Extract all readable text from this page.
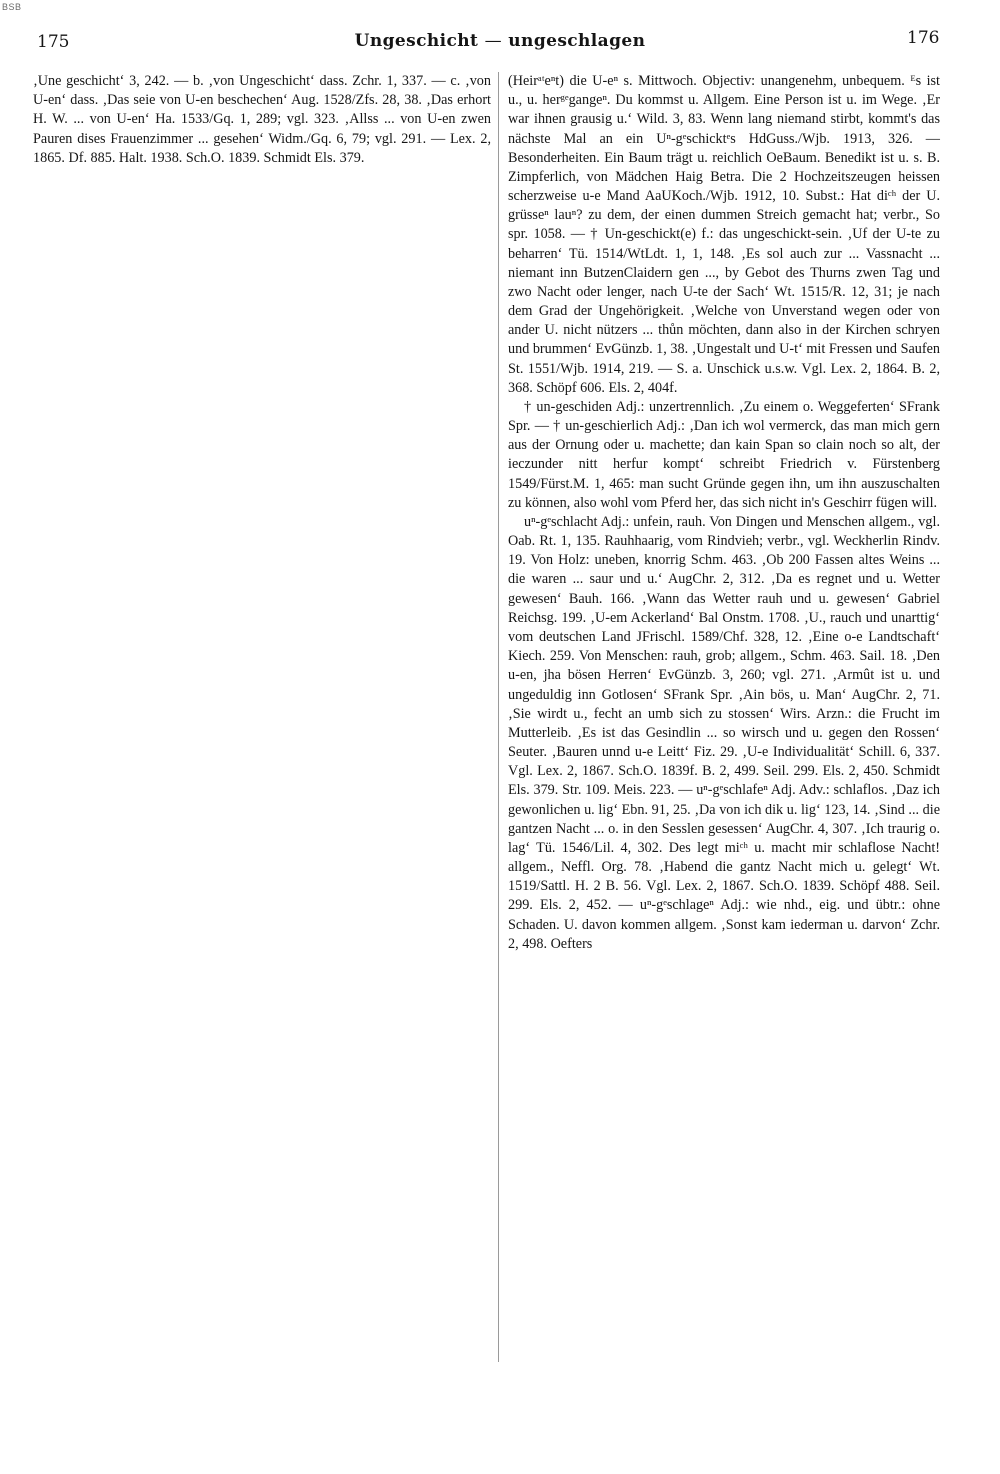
BSB
175	Ungeschicht — ungeschlagen	176

‚Une geschicht‘ 3, 242. — b. ‚von Ungeschicht‘ dass. Zchr. 1, 337. — c. ‚von U-en‘ dass. ‚Das seie von U-en beschechen‘ Aug. 1528/Zfs. 28, 38. ‚Das erhort H. W. ... von U-en‘ Ha. 1533/Gq. 1, 289; vgl. 323. ‚Allss ... von U-en zwen Pauren dises Frauenzimmer ... gesehen‘ Widm./Gq. 6, 79; vgl. 291. — Lex. 2, 1865. Df. 885. Halt. 1938. Sch.O. 1839. Schmidt Els. 379.

(Heirᵃᵗeⁿt) die U-eⁿ s. Mittwoch. Objectiv: unangenehm, unbequem. ᴱs ist u., u. herᵍᵉgangeⁿ. Du kommst u. Allgem. Eine Person ist u. im Wege. ‚Er war ihnen grausig u.‘ Wild. 3, 83. Wenn lang niemand stirbt, kommt's das nächste Mal an ein Uⁿ-gᵉschicktᵉs HdGuss./Wjb. 1913, 326. — Besonderheiten. Ein Baum trägt u. reichlich OeBaum. Benedikt ist u. s. B. Zimpferlich, von Mädchen Haig Betra. Die 2 Hochzeitszeugen heissen scherzweise u-e Mand AaUKoch./Wjb. 1912, 10. Subst.: Hat diᶜʰ der U. grüsseⁿ lauⁿ? zu dem, der einen dummen Streich gemacht hat; verbr., So spr. 1058. — † Un-geschickt(e) f.: das ungeschickt-sein. ‚Uf der U-te zu beharren‘ Tü. 1514/WtLdt. 1, 1, 148. ‚Es sol auch zur ... Vassnacht ... niemant inn ButzenClaidern gen ..., by Gebot des Thurns zwen Tag und zwo Nacht oder lenger, nach U-te der Sach‘ Wt. 1515/R. 12, 31; je nach dem Grad der Ungehörigkeit. ‚Welche von Unverstand wegen oder von ander U. nicht nützers ... thůn möchten, dann also in der Kirchen schryen und brummen‘ EvGünzb. 1, 38. ‚Ungestalt und U-t‘ mit Fressen und Saufen St. 1551/Wjb. 1914, 219. — S. a. Unschick u.s.w. Vgl. Lex. 2, 1864. B. 2, 368. Schöpf 606. Els. 2, 404f.

† un-geschiden Adj.: unzertrennlich. ‚Zu einem o. Weggeferten‘ SFrank Spr. — † un-geschierlich Adj.: ‚Dan ich wol vermerck, das man mich gern aus der Ornung oder u. machette; dan kain Span so clain noch so alt, der ieczunder nitt herfur kompt‘ schreibt Friedrich v. Fürstenberg 1549/Fürst.M. 1, 465: man sucht Gründe gegen ihn, um ihn auszuschalten zu können, also wohl vom Pferd her, das sich nicht in's Geschirr fügen will.

uⁿ-gᵉschlacht Adj.: unfein, rauh. Von Dingen und Menschen allgem., vgl. Oab. Rt. 1, 135. Rauhhaarig, vom Rindvieh; verbr., vgl. Weckherlin Rindv. 19. Von Holz: uneben, knorrig Schm. 463. ‚Ob 200 Fassen altes Weins ... die waren ... saur und u.‘ AugChr. 2, 312. ‚Da es regnet und u. Wetter gewesen‘ Bauh. 166. ‚Wann das Wetter rauh und u. gewesen‘ Gabriel Reichsg. 199. ‚U-em Ackerland‘ Bal Onstm. 1708. ‚U., rauch und unarttig‘ vom deutschen Land JFrischl. 1589/Chf. 328, 12. ‚Eine o-e Landtschaft‘ Kiech. 259. Von Menschen: rauh, grob; allgem., Schm. 463. Sail. 18. ‚Den u-en, jha bösen Herren‘ EvGünzb. 3, 260; vgl. 271. ‚Armût ist u. und ungeduldig inn Gotlosen‘ SFrank Spr. ‚Ain bös, u. Man‘ AugChr. 2, 71. ‚Sie wirdt u., fecht an umb sich zu stossen‘ Wirs. Arzn.: die Frucht im Mutterleib. ‚Es ist das Gesindlin ... so wirsch und u. gegen den Rossen‘ Seuter. ‚Bauren unnd u-e Leitt‘ Fiz. 29. ‚U-e Individualität‘ Schill. 6, 337. Vgl. Lex. 2, 1867. Sch.O. 1839f. B. 2, 499. Seil. 299. Els. 2, 450. Schmidt Els. 379. Str. 109. Meis. 223. — uⁿ-gᵉschlafeⁿ Adj. Adv.: schlaflos. ‚Daz ich gewonlichen u. lig‘ Ebn. 91, 25. ‚Da von ich dik u. lig‘ 123, 14. ‚Sind ... die gantzen Nacht ... o. in den Sesslen gesessen‘ AugChr. 4, 307. ‚Ich traurig o. lag‘ Tü. 1546/Lil. 4, 302. Des legt miᶜʰ u. macht mir schlaflose Nacht! allgem., Neffl. Org. 78. ‚Habend die gantz Nacht mich u. gelegt‘ Wt. 1519/Sattl. H. 2 B. 56. Vgl. Lex. 2, 1867. Sch.O. 1839. Schöpf 488. Seil. 299. Els. 2, 452. — uⁿ-gᵉschlageⁿ Adj.: wie nhd., eig. und übtr.: ohne Schaden. U. davon kommen allgem. ‚Sonst kam iederman u. darvon‘ Zchr. 2, 498. Oefters
